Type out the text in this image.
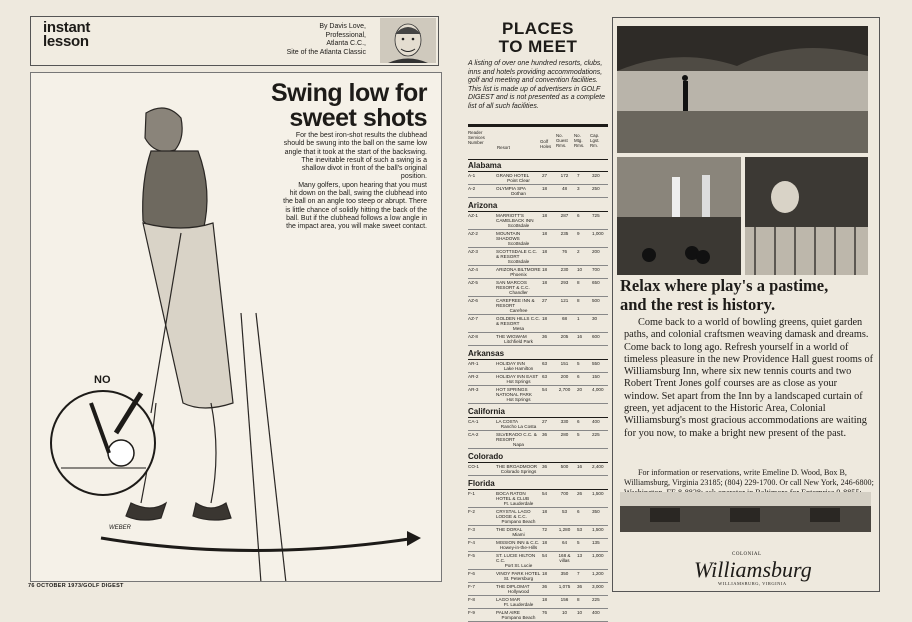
instant
lesson
By Davis Love,
Professional,
Atlanta C.C.,
Site of the Atlanta Classic
Swing low for
sweet shots

For the best iron-shot results the clubhead should be swung into the ball on the same low angle that it took at the start of the backswing. The inevitable result of such a swing is a shallow divot in front of the ball's original position.

Many golfers, upon hearing that you must hit down on the ball, swing the clubhead into the ball on an angle too steep or abrupt. There is little chance of solidly hitting the back of the ball. But if the clubhead follows a low angle in the impact area, you will make sweet contact.

WEBER
NO
76 OCTOBER 1973/GOLF DIGEST
PLACES
TO MEET
A listing of over one hundred resorts, clubs, inns and hotels providing accommodations, golf and meeting and convention facilities. This list is made up of advertisers in GOLF DIGEST and is not presented as a complete list of all such facilities.
Reader Services Number
Resort
Golf Holes
No. Guest Rms.
No. Mtg. Rms.
Cap. Lgst. Rm.
Alabama
A-1	GRAND HOTEL
Point Clear
27	172	7	320
A-2	OLYMPIA SPA
Dothan
18	48	3	250
Arizona
AZ-1	MARRIOTT'S CAMELBACK INN
Scottsdale
18	287	6	725
AZ-2	MOUNTAIN SHADOWS
Scottsdale
18	235	9	1,000
AZ-3	SCOTTSDALE C.C. & RESORT
Scottsdale
18	76	2	200
AZ-4	ARIZONA BILTMORE
Phoenix
18	230	10 700
AZ-5	SAN MARCOS RESORT & C.C.
Chandler
18	293	8	650
AZ-6	CAREFREE INN & RESORT
Carefree
27	121	8	500
AZ-7	GOLDEN HILLS C.C. & RESORT
Mesa
18	68	1	30
AZ-8	THE WIGWAM
Litchfield Park
36	205	16 600
Arkansas
AR-1	HOLIDAY INN
Lake Hamilton
63	151	5	550
AR-2	HOLIDAY INN EAST
Hot Springs
63	200	6	150
AR-3	HOT SPRINGS NATIONAL PARK
Hot Springs
54	2,700	20 4,000
California
CA-1	LA COSTA
Rancho La Costa
27	330	6	400
CA-2	SILVERADO C.C. & RESORT
Napa
36	280	5	225
Colorado
CO-1	THE BROADMOOR
Colorado Springs
36	500	16 2,400
Florida
F-1	BOCA RATON HOTEL & CLUB
Ft. Lauderdale
54	700	26 1,500
F-2	CRYSTAL LAGO LODGE & C.C.
Pompano Beach
18	53	6	350
F-3	THE DORAL
Miami
72	1,280	53 1,500
F-4	MISSION INN & C.C.
Howey-in-the-Hills
18	64	5	135
F-5	ST. LUCIE HILTON C.C.
Port St. Lucie
54	168 & villas
13 1,000
F-6	VINOY PARK HOTEL
St. Petersburg
18	350	7	1,200
F-7	THE DIPLOMAT
Hollywood
36	1,075	36 3,000
F-8	LAGO MAR
Ft. Lauderdale
18	156	8	225
F-9	PALM AIRE
Pompano Beach
76	10	10 400
Relax where play's a pastime,
and the rest is history.
Come back to a world of bowling greens, quiet garden paths, and colonial craftsmen weaving damask and dreams. Come back to long ago. Refresh yourself in a world of timeless pleasure in the new Providence Hall guest rooms of Williamsburg Inn, where six new tennis courts and two Robert Trent Jones golf courses are as close as your window. Set apart from the Inn by a landscaped curtain of green, yet adjacent to the Historic Area, Colonial Williamsburg's most gracious accommodations are waiting for you now, to make a bright new present of the past.
For information or reservations, write Emeline D. Wood, Box B, Williamsburg, Virginia 23185; (804) 229-1700. Or call New York, 246-6800;
COLONIAL
Williamsburg
WILLIAMSBURG, VIRGINIA
